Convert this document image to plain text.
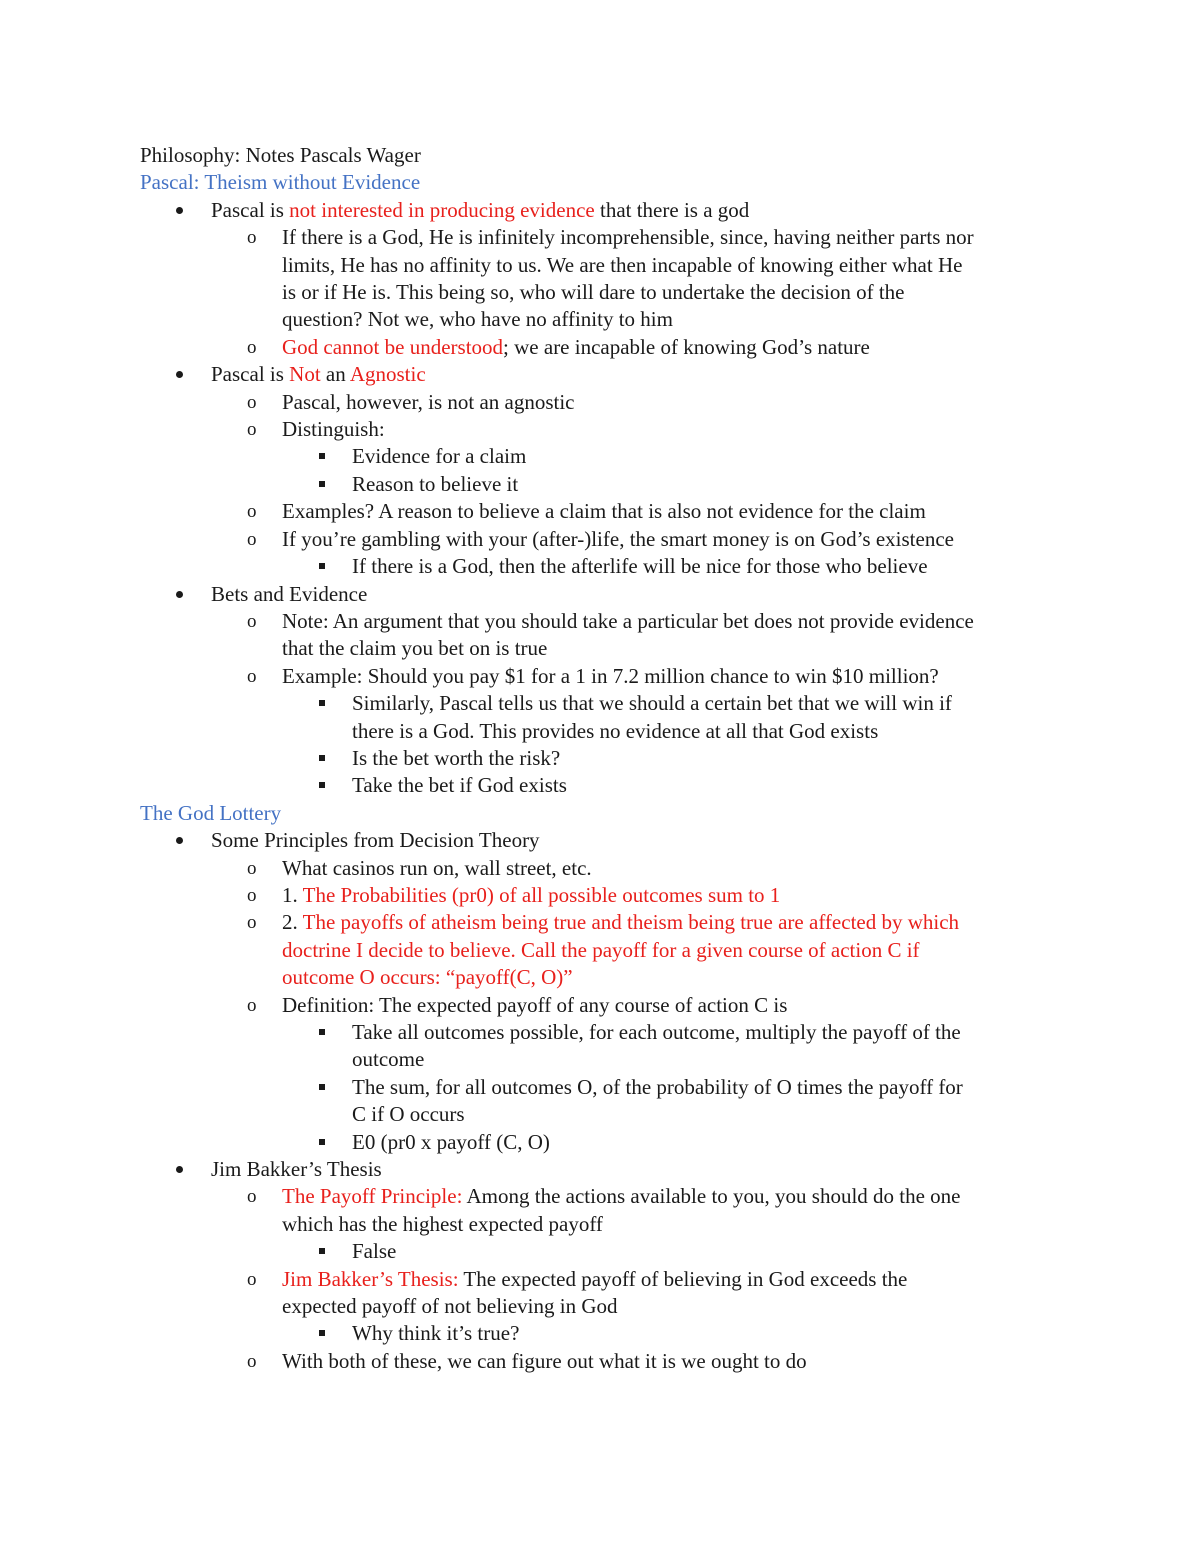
Philosophy: Notes Pascals Wager
Pascal: Theism without Evidence
Pascal is not interested in producing evidence that there is a god
o If there is a God, He is infinitely incomprehensible, since, having neither parts nor
limits, He has no affinity to us. We are then incapable of knowing either what He
is or if He is. This being so, who will dare to undertake the decision of the
question? Not we, who have no affinity to him
o God cannot be understood; we are incapable of knowing God’s nature
Pascal is Not an Agnostic
o Pascal, however, is not an agnostic
o Distinguish:
Evidence for a claim
Reason to believe it
o Examples? A reason to believe a claim that is also not evidence for the claim
o If you’re gambling with your (after-)life, the smart money is on God’s existence
If there is a God, then the afterlife will be nice for those who believe
Bets and Evidence
o Note: An argument that you should take a particular bet does not provide evidence
that the claim you bet on is true
o Example: Should you pay $1 for a 1 in 7.2 million chance to win $10 million?
Similarly, Pascal tells us that we should a certain bet that we will win if
there is a God. This provides no evidence at all that God exists
Is the bet worth the risk?
Take the bet if God exists
The God Lottery
Some Principles from Decision Theory
o What casinos run on, wall street, etc.
o 1. The Probabilities (pr0) of all possible outcomes sum to 1
o 2. The payoffs of atheism being true and theism being true are affected by which
doctrine I decide to believe. Call the payoff for a given course of action C if
outcome O occurs: “payoff(C, O)”
o Definition: The expected payoff of any course of action C is
Take all outcomes possible, for each outcome, multiply the payoff of the
outcome
The sum, for all outcomes O, of the probability of O times the payoff for
C if O occurs
E0 (pr0 x payoff (C, O)
Jim Bakker’s Thesis
o The Payoff Principle: Among the actions available to you, you should do the one
which has the highest expected payoff
False
o Jim Bakker’s Thesis: The expected payoff of believing in God exceeds the
expected payoff of not believing in God
Why think it’s true?
o With both of these, we can figure out what it is we ought to do
